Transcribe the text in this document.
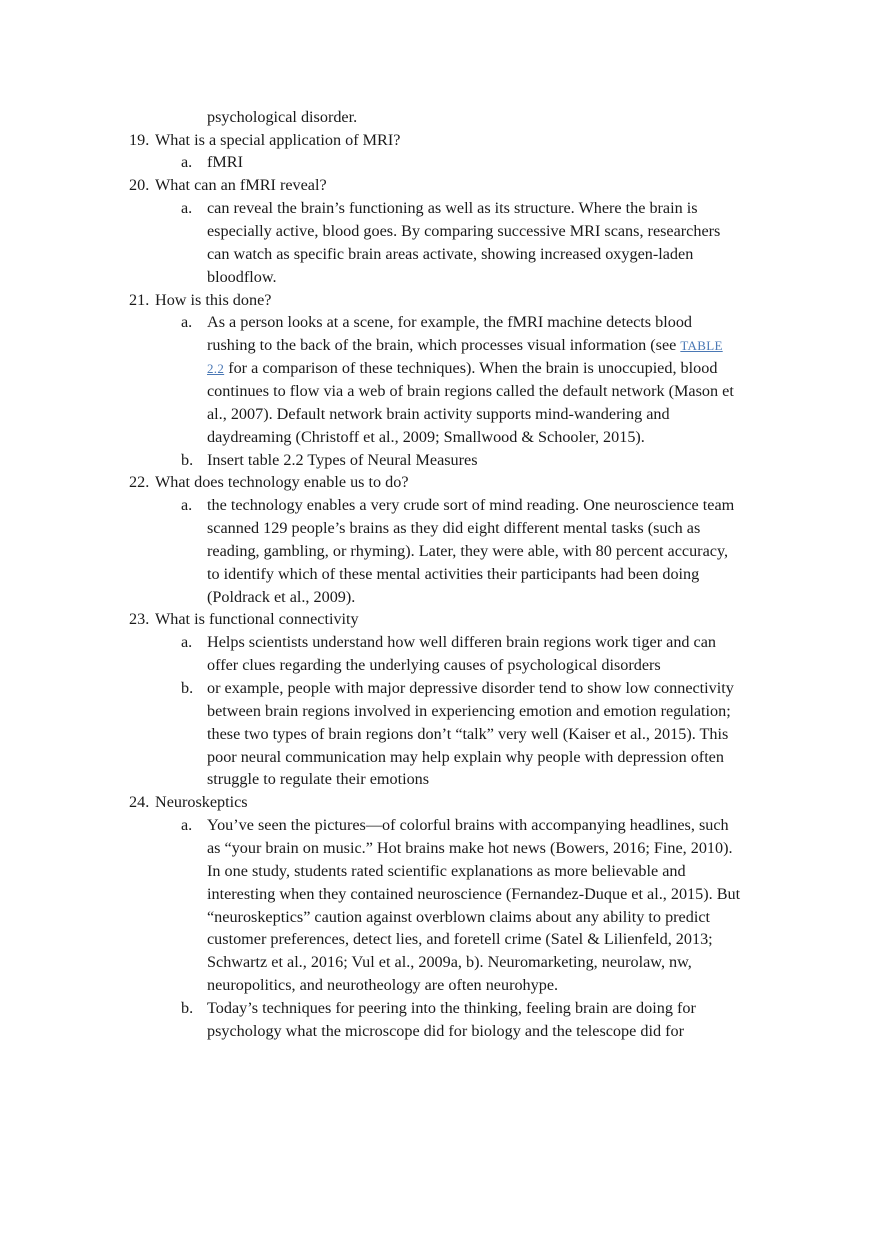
psychological disorder.
19. What is a special application of MRI?
a. fMRI
20. What can an fMRI reveal?
a. can reveal the brain’s functioning as well as its structure. Where the brain is
especially active, blood goes. By comparing successive MRI scans, researchers
can watch as specific brain areas activate, showing increased oxygen-laden
bloodflow.
21. How is this done?
a. As a person looks at a scene, for example, the fMRI machine detects blood
rushing to the back of the brain, which processes visual information (see TABLE
2.2 for a comparison of these techniques). When the brain is unoccupied, blood
continues to flow via a web of brain regions called the default network (Mason et
al., 2007). Default network brain activity supports mind-wandering and
daydreaming (Christoff et al., 2009; Smallwood & Schooler, 2015).
b. Insert table 2.2 Types of Neural Measures
22. What does technology enable us to do?
a. the technology enables a very crude sort of mind reading. One neuroscience team
scanned 129 people’s brains as they did eight different mental tasks (such as
reading, gambling, or rhyming). Later, they were able, with 80 percent accuracy,
to identify which of these mental activities their participants had been doing
(Poldrack et al., 2009).
23. What is functional connectivity
a. Helps scientists understand how well differen brain regions work tiger and can
offer clues regarding the underlying causes of psychological disorders
b. or example, people with major depressive disorder tend to show low connectivity
between brain regions involved in experiencing emotion and emotion regulation;
these two types of brain regions don’t “talk” very well (Kaiser et al., 2015). This
poor neural communication may help explain why people with depression often
struggle to regulate their emotions
24. Neuroskeptics
a. You’ve seen the pictures—of colorful brains with accompanying headlines, such
as “your brain on music.” Hot brains make hot news (Bowers, 2016; Fine, 2010).
In one study, students rated scientific explanations as more believable and
interesting when they contained neuroscience (Fernandez-Duque et al., 2015). But
“neuroskeptics” caution against overblown claims about any ability to predict
customer preferences, detect lies, and foretell crime (Satel & Lilienfeld, 2013;
Schwartz et al., 2016; Vul et al., 2009a, b). Neuromarketing, neurolaw, nw,
neuropolitics, and neurotheology are often neurohype.
b. Today’s techniques for peering into the thinking, feeling brain are doing for
psychology what the microscope did for biology and the telescope did for
